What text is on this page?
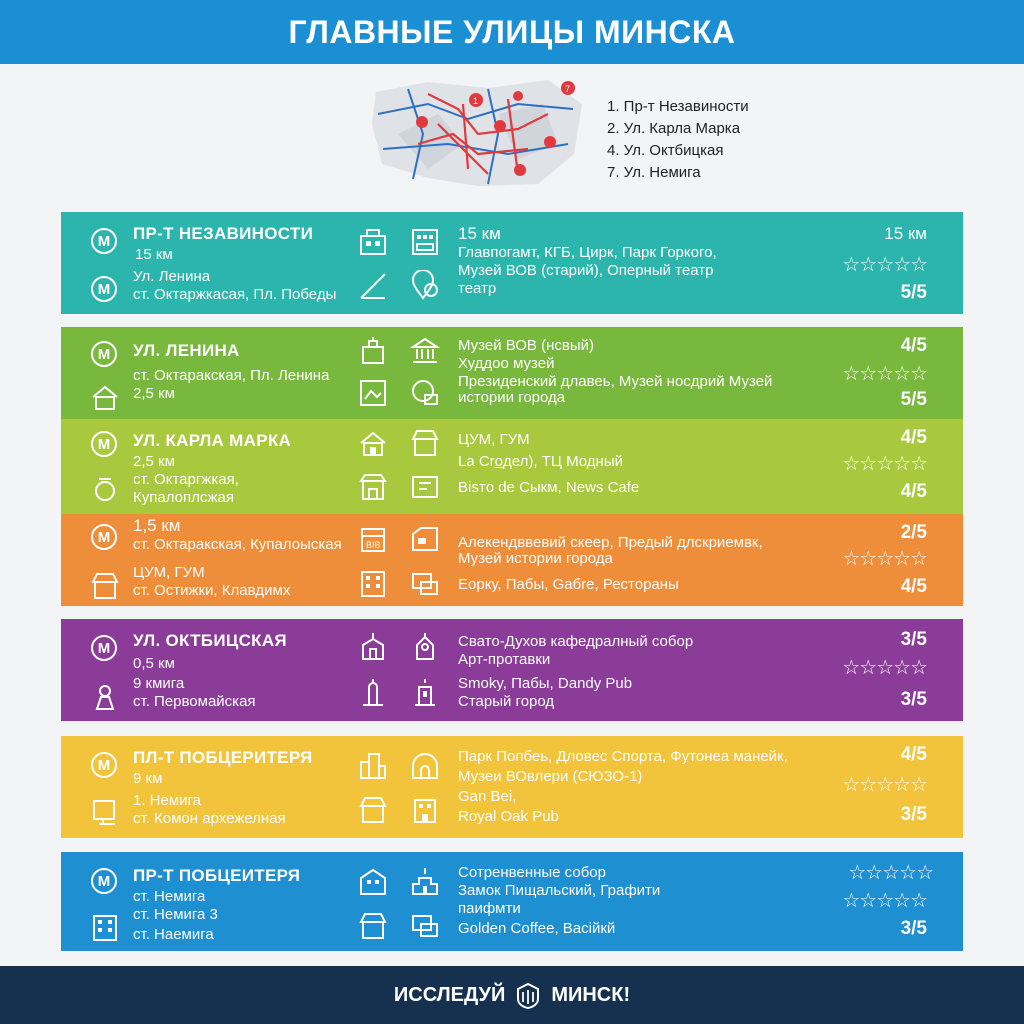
ГЛАВНЫЕ УЛИЦЫ МИНСКА
1
7
1. Пр-т Незавиности
2. Ул. Карла Марка
4. Ул. Октбицкая
7. Ул. Немига
М
М
ПР-Т НЕЗАВИНОСТИ
15 км
Ул. Ленина
ст. Октаржкасая, Пл. Победы
15 км
Главпогамт, КГБ, Цирк, Парк Горкого,
Музей ВОВ (старий), Оперный театр
театр
15 км
☆☆☆☆☆
5/5
М	УЛ. ЛЕНИНА
ст. Октаракская, Пл. Ленина
2,5 км
Музей ВОВ (нсвый)
Худдоо музей
Президенский длавеь, Музей носдрий Музей
истории города
4/5
☆☆☆☆☆
5/5
М	УЛ. КАРЛА МАРКА
2,5 км
ст. Октаргжкая,
Купалоплсжая
ЦУМ, ГУМ
La Cro̲дел), ТЦ Модный
Bisтo de Сыкм, News Cafe
4/5
☆☆☆☆☆
4/5
М
1,5 км
ст. Октаракская, Купалоыская
ЦУМ, ГУМ
ст. Остижки, Клавдимх
BIB	Алекендввевий скеер, Предый длскриемвк,
Музей истории города
Еорку, Пабы, Gабrе, Рестораны
2/5
☆☆☆☆☆
4/5
М	УЛ. ОКТБИЦСКАЯ
0,5 км
9 кмига
ст. Первомайская
Свато-Духов кафедралный собор
Арт-протавки
Smoky, Пабы, Dandy Pub
Старый город
3/5
☆☆☆☆☆
3/5
М	ПЛ-Т ПОБЦЕРИТЕРЯ
9 км
1. Немига
ст. Комон архежелная
Парк Попбеь, Дловес Спорта, Футонеа манейк,
Музеи ВОвлери (СЮЗО-1)
Gan Bei,
Royal Oak Pub
4/5
☆☆☆☆☆
3/5
М	ПР-Т ПОБЦЕИТЕРЯ
ст. Немига
ст. Немига 3
ст. Наемига
Сотренвенные собор
Замок Пищальский, Графити
паифмти
Golden Coffee, Васійкй
☆☆☆☆☆
☆☆☆☆☆
3/5
ИССЛЕДУЙ МИНСК!
